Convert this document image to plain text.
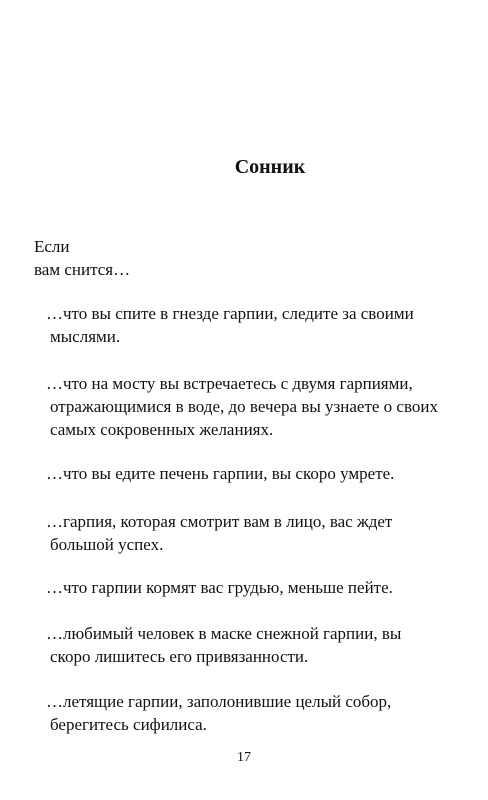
Сонник
Если
вам снится…

…что вы спите в гнезде гарпии, следите за своими
мыслями.

…что на мосту вы встречаетесь с двумя гарпиями,
отражающимися в воде, до вечера вы узнаете о своих
самых сокровенных желаниях.

…что вы едите печень гарпии, вы скоро умрете.

…гарпия, которая смотрит вам в лицо, вас ждет
большой успех.

…что гарпии кормят вас грудью, меньше пейте.

…любимый человек в маске снежной гарпии, вы
скоро лишитесь его привязанности.

…летящие гарпии, заполонившие целый собор,
берегитесь сифилиса.

17
